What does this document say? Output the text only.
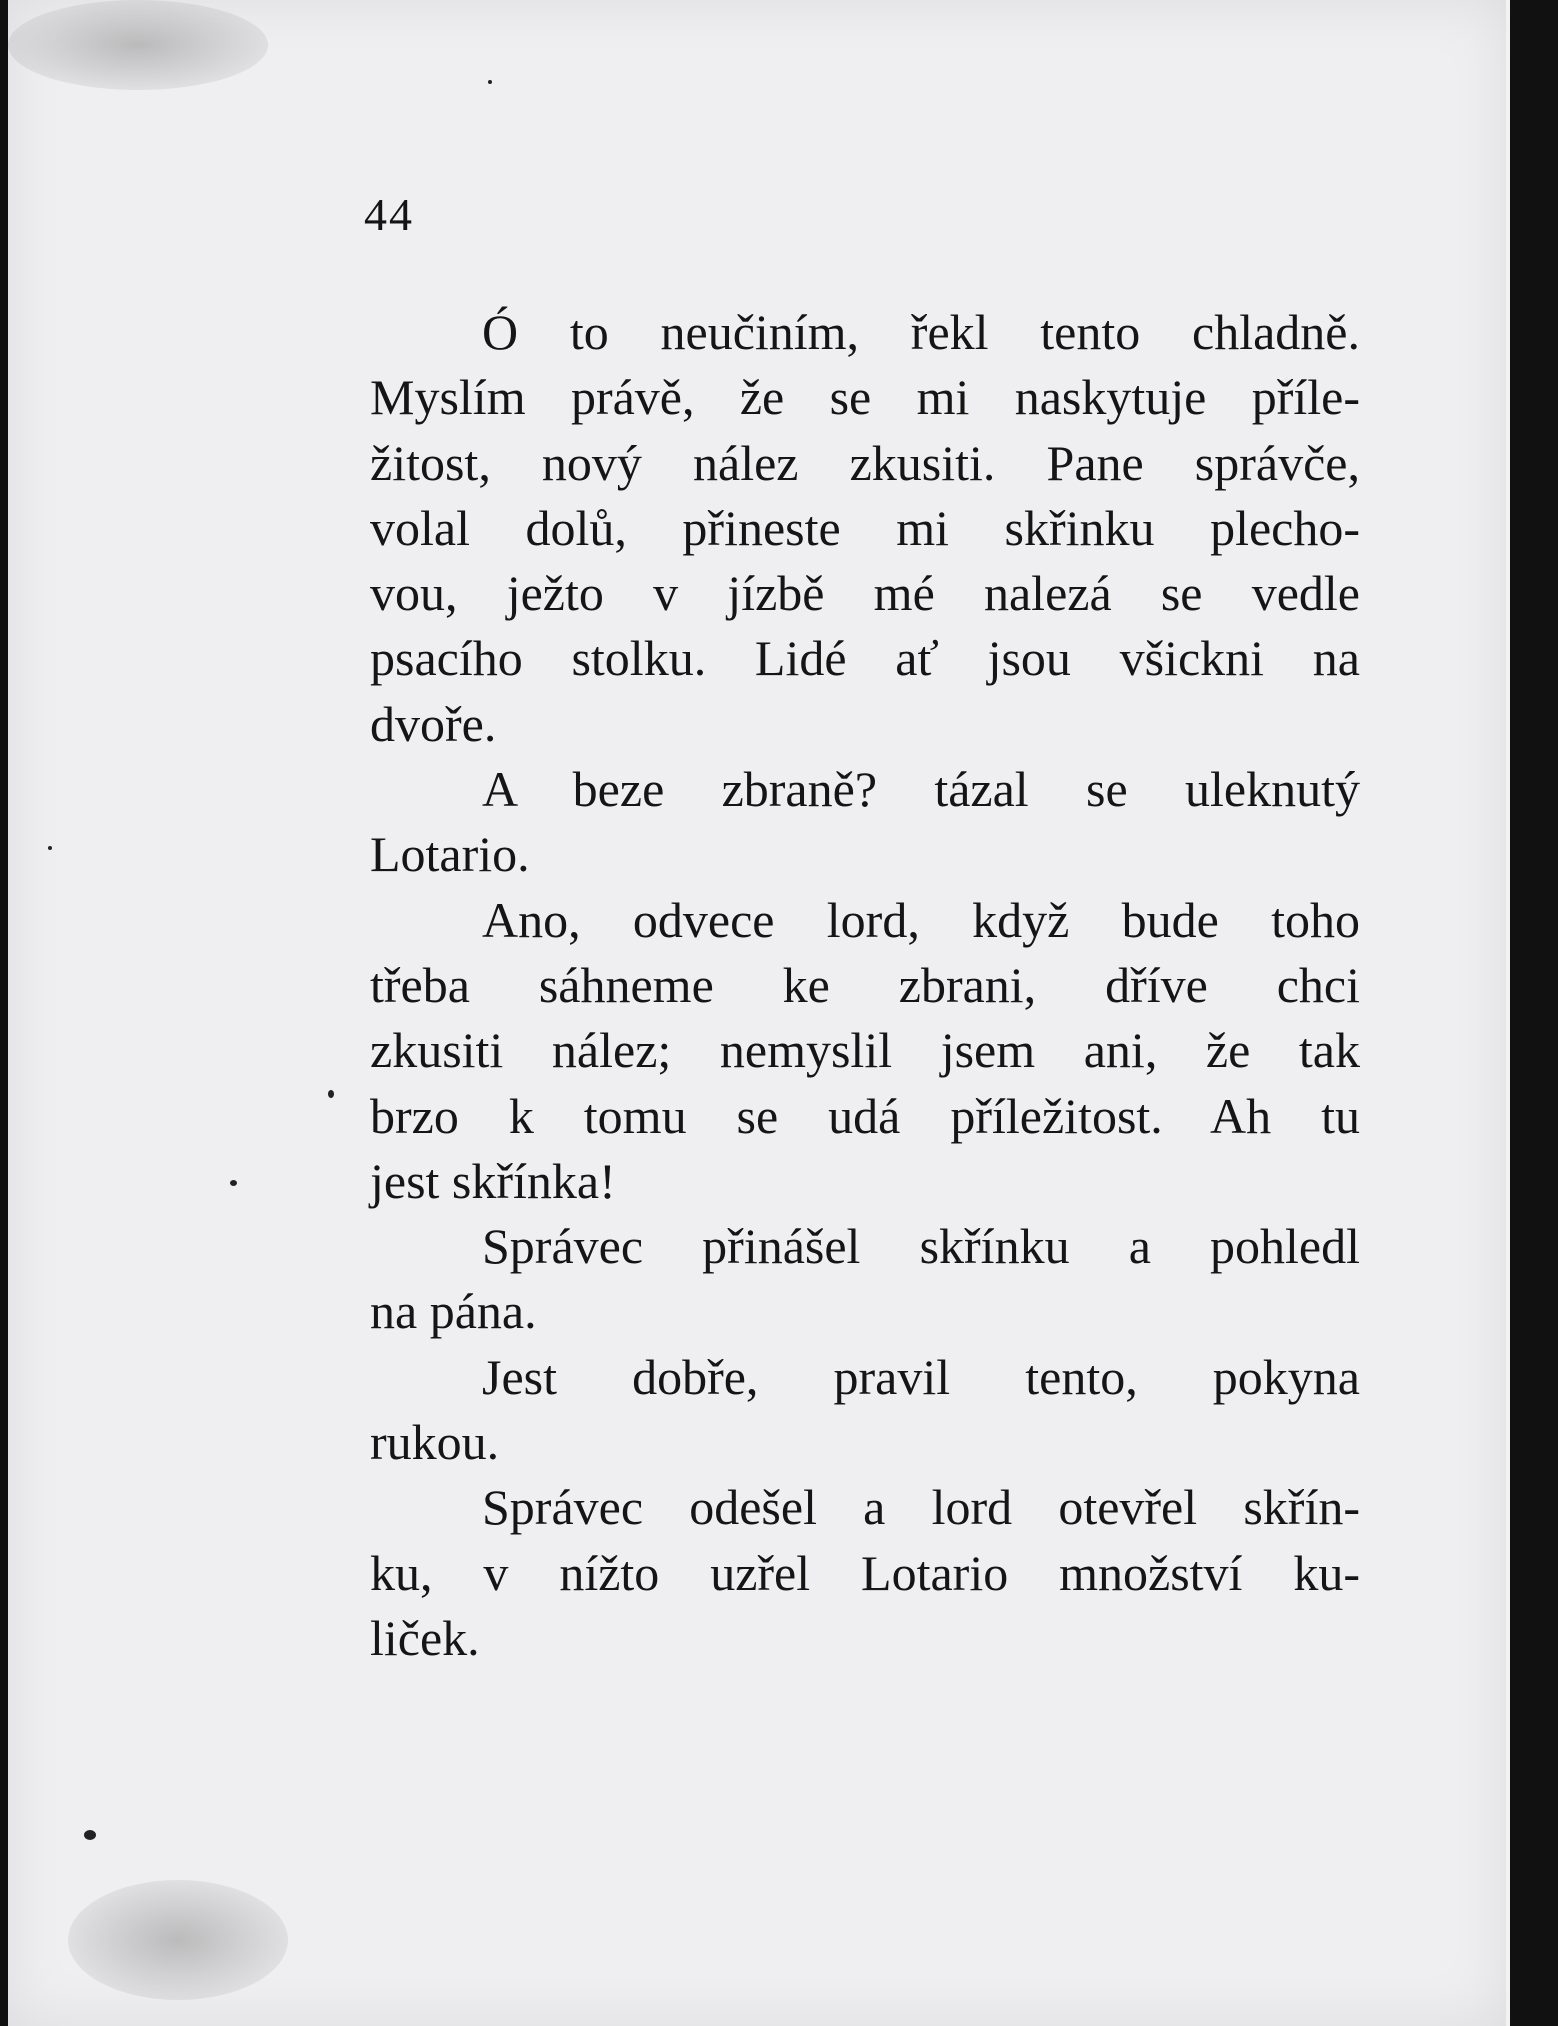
44
Ó to neučiním, řekl tento chladně.
Myslím právě, že se mi naskytuje příle-
žitost, nový nález zkusiti. Pane správče,
volal dolů, přineste mi skřinku plecho-
vou, ježto v jízbě mé nalezá se vedle
psacího stolku. Lidé ať jsou všickni na
dvoře.
A beze zbraně? tázal se uleknutý
Lotario.
Ano, odvece lord, když bude toho
třeba sáhneme ke zbrani, dříve chci
zkusiti nález; nemyslil jsem ani, že tak
brzo k tomu se udá příležitost. Ah tu
jest skřínka!
Správec přinášel skřínku a pohledl
na pána.
Jest dobře, pravil tento, pokyna
rukou.
Správec odešel a lord otevřel skřín-
ku, v nížto uzřel Lotario množství ku-
liček.
